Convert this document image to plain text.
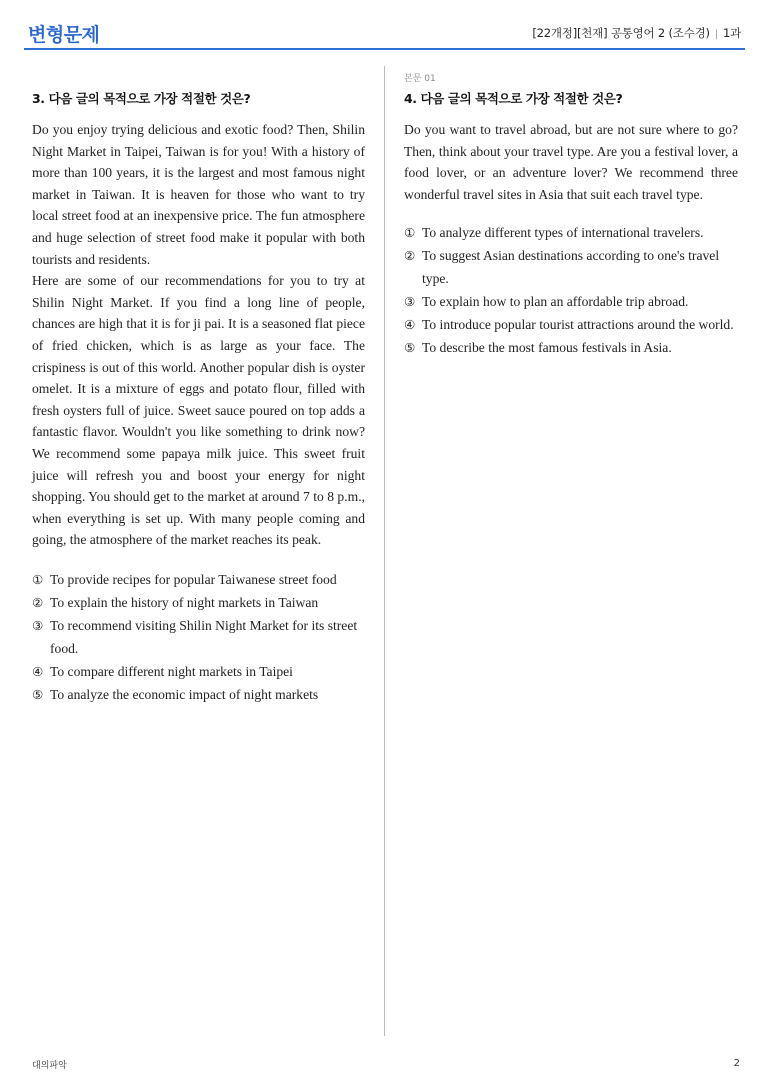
변형문제	[22개정][천재] 공통영어 2 (조수경) | 1과
3. 다음 글의 목적으로 가장 적절한 것은?

Do you enjoy trying delicious and exotic food? Then, Shilin Night Market in Taipei, Taiwan is for you! With a history of more than 100 years, it is the largest and most famous night market in Taiwan. It is heaven for those who want to try local street food at an inexpensive price. The fun atmosphere and huge selection of street food make it popular with both tourists and residents.

Here are some of our recommendations for you to try at Shilin Night Market. If you find a long line of people, chances are high that it is for ji pai. It is a seasoned flat piece of fried chicken, which is as large as your face. The crispiness is out of this world. Another popular dish is oyster omelet. It is a mixture of eggs and potato flour, filled with fresh oysters full of juice. Sweet sauce poured on top adds a fantastic flavor. Wouldn't you like something to drink now? We recommend some papaya milk juice. This sweet fruit juice will refresh you and boost your energy for night shopping. You should get to the market at around 7 to 8 p.m., when everything is set up. With many people coming and going, the atmosphere of the market reaches its peak.

① To provide recipes for popular Taiwanese street food
② To explain the history of night markets in Taiwan
③ To recommend visiting Shilin Night Market for its street food.
④ To compare different night markets in Taipei
⑤ To analyze the economic impact of night markets
본문 01
4. 다음 글의 목적으로 가장 적절한 것은?

Do you want to travel abroad, but are not sure where to go? Then, think about your travel type. Are you a festival lover, a food lover, or an adventure lover? We recommend three wonderful travel sites in Asia that suit each travel type.

① To analyze different types of international travelers.
② To suggest Asian destinations according to one's travel type.
③ To explain how to plan an affordable trip abroad.
④ To introduce popular tourist attractions around the world.
⑤ To describe the most famous festivals in Asia.
대의파악	2
